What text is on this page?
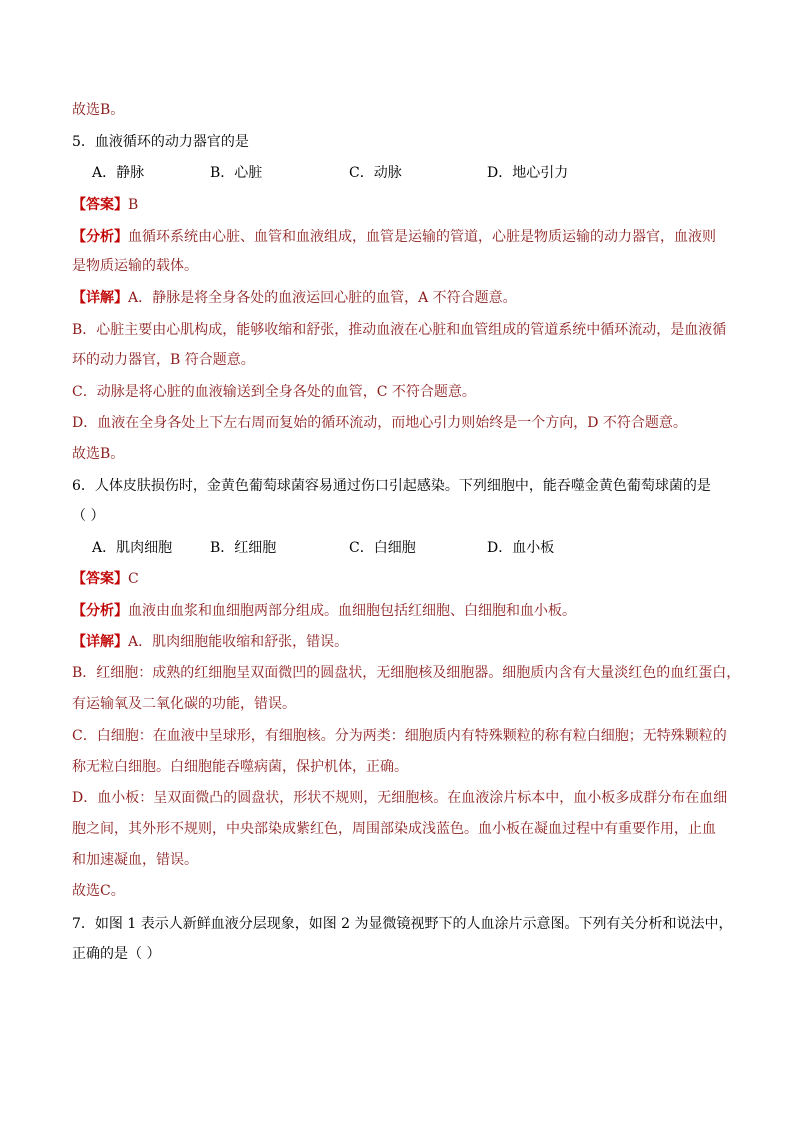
故选B。
5．血液循环的动力器官的是
A．静脉	B．心脏	C．动脉	D．地心引力
【答案】B
【分析】血循环系统由心脏、血管和血液组成，血管是运输的管道，心脏是物质运输的动力器官，血液则
是物质运输的载体。
【详解】A．静脉是将全身各处的血液运回心脏的血管，A 不符合题意。
B．心脏主要由心肌构成，能够收缩和舒张，推动血液在心脏和血管组成的管道系统中循环流动，是血液循
环的动力器官，B 符合题意。
C．动脉是将心脏的血液输送到全身各处的血管，C 不符合题意。
D．血液在全身各处上下左右周而复始的循环流动，而地心引力则始终是一个方向，D 不符合题意。
故选B。
6．人体皮肤损伤时，金黄色葡萄球菌容易通过伤口引起感染。下列细胞中，能吞噬金黄色葡萄球菌的是
（ ）
A．肌肉细胞	B．红细胞	C．白细胞	D．血小板
【答案】C
【分析】血液由血浆和血细胞两部分组成。血细胞包括红细胞、白细胞和血小板。
【详解】A．肌肉细胞能收缩和舒张，错误。
B．红细胞：成熟的红细胞呈双面微凹的圆盘状，无细胞核及细胞器。细胞质内含有大量淡红色的血红蛋白，
有运输氧及二氧化碳的功能，错误。
C．白细胞：在血液中呈球形，有细胞核。分为两类：细胞质内有特殊颗粒的称有粒白细胞；无特殊颗粒的
称无粒白细胞。白细胞能吞噬病菌，保护机体，正确。
D．血小板：呈双面微凸的圆盘状，形状不规则，无细胞核。在血液涂片标本中，血小板多成群分布在血细
胞之间，其外形不规则，中央部染成紫红色，周围部染成浅蓝色。血小板在凝血过程中有重要作用，止血
和加速凝血，错误。
故选C。
7．如图 1 表示人新鲜血液分层现象，如图 2 为显微镜视野下的人血涂片示意图。下列有关分析和说法中，
正确的是（ ）
